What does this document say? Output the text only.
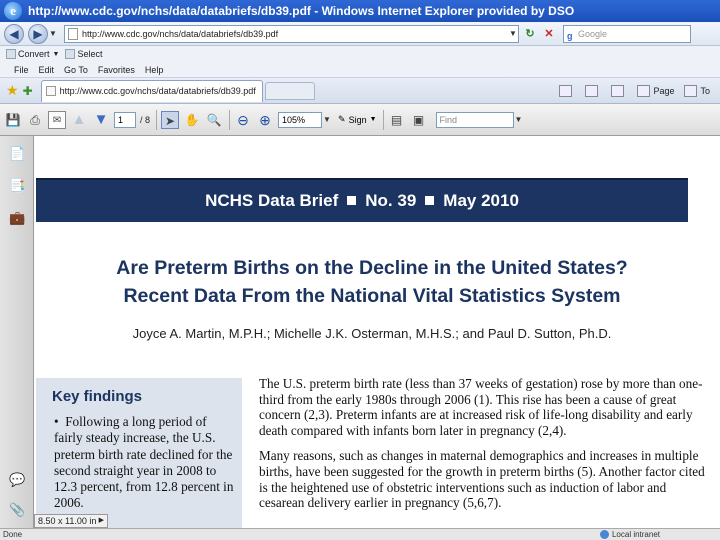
e	http://www.cdc.gov/nchs/data/databriefs/db39.pdf - Windows Internet Explorer provided by DSO
◀	▶ ▼	http://www.cdc.gov/nchs/data/databriefs/db39.pdf	▼ ↻ ✕	g Google
Convert ▼ Select
File Edit Go To Favorites Help
★ ✚	http://www.cdc.gov/nchs/data/databriefs/db39.pdf	Page	To
💾 ⎙	✉ ▲ ▼	1	/ 8	➤ ✋ 🔍 ⊖ ⊕	105%	▼ ✎ Sign ▼ ▤ ▣	Find	▼
📄
📑
💼
💬
📎
NCHS Data Brief No. 39 May 2010
Are Preterm Births on the Decline in the United States?
Recent Data From the National Vital Statistics System
Joyce A. Martin, M.P.H.; Michelle J.K. Osterman, M.H.S.; and Paul D. Sutton, Ph.D.
Key findings
•  Following a long period of fairly steady increase, the U.S. preterm birth rate declined for the second straight year in 2008 to 12.3 percent, from 12.8 percent in 2006.

The U.S. preterm birth rate (less than 37 weeks of gestation) rose by more than one-third from the early 1980s through 2006 (1). This rise has been a cause of great concern (2,3). Preterm infants are at increased risk of life-long disability and early death compared with infants born later in pregnancy (2,4).

Many reasons, such as changes in maternal demographics and increases in multiple births, have been suggested for the growth in preterm births (5). Another factor cited is the heightened use of obstetric interventions such as induction of labor and cesarean delivery earlier in pregnancy (5,6,7).

8.50 x 11.00 in ▶
Done	Local intranet
